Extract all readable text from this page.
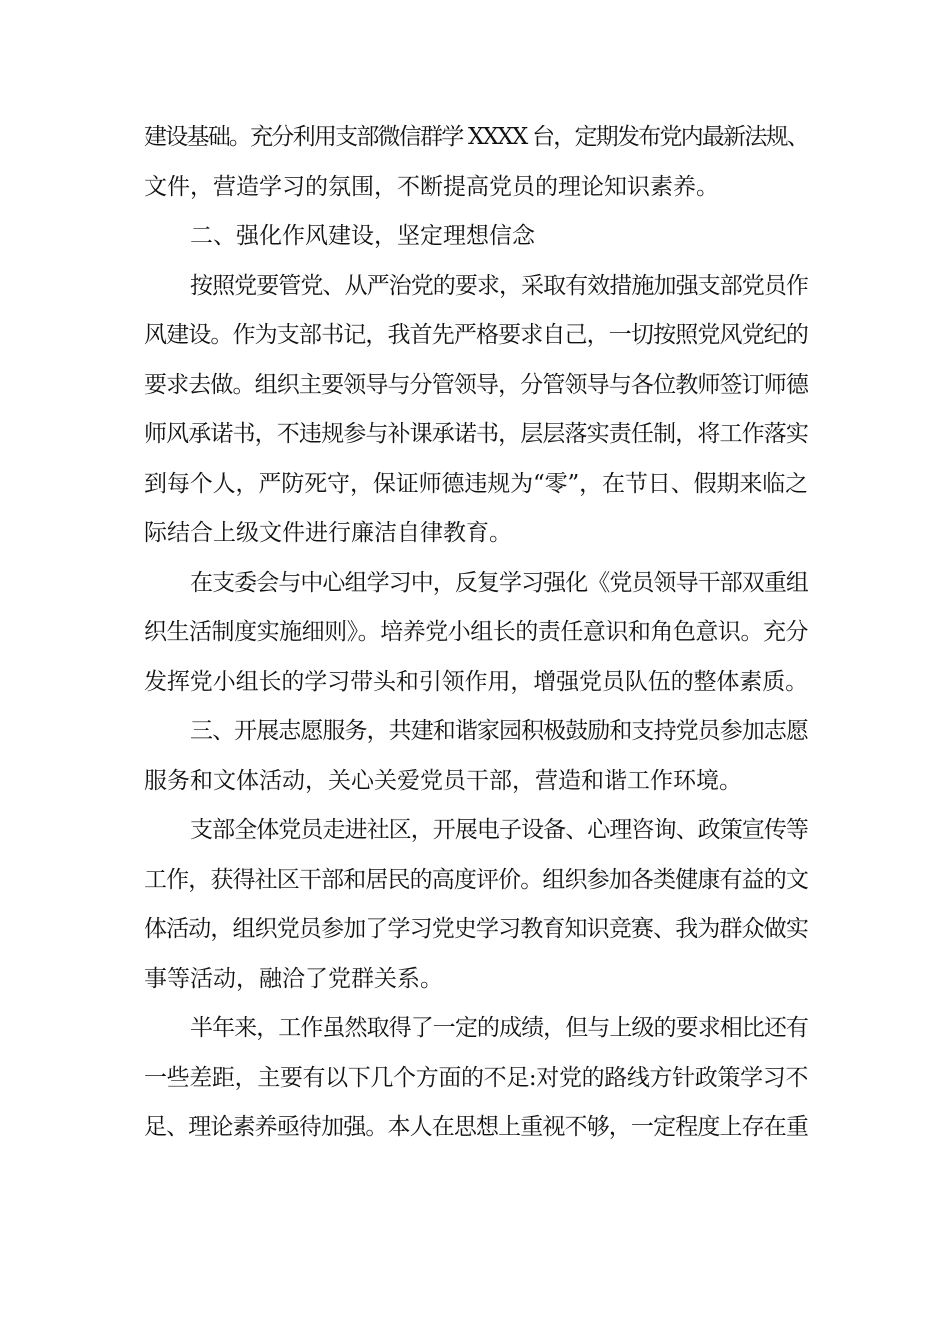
建设基础。充分利用支部微信群学 XXXX 台，定期发布党内最新法规、
文件，营造学习的氛围，不断提高党员的理论知识素养。
二、强化作风建设，坚定理想信念
按照党要管党、从严治党的要求，采取有效措施加强支部党员作
风建设。作为支部书记，我首先严格要求自己，一切按照党风党纪的
要求去做。组织主要领导与分管领导，分管领导与各位教师签订师德
师风承诺书，不违规参与补课承诺书，层层落实责任制，将工作落实
到每个人，严防死守，保证师德违规为“零”，在节日、假期来临之
际结合上级文件进行廉洁自律教育。
在支委会与中心组学习中，反复学习强化《党员领导干部双重组
织生活制度实施细则》。培养党小组长的责任意识和角色意识。充分
发挥党小组长的学习带头和引领作用，增强党员队伍的整体素质。
三、开展志愿服务，共建和谐家园积极鼓励和支持党员参加志愿
服务和文体活动，关心关爱党员干部，营造和谐工作环境。
支部全体党员走进社区，开展电子设备、心理咨询、政策宣传等
工作，获得社区干部和居民的高度评价。组织参加各类健康有益的文
体活动，组织党员参加了学习党史学习教育知识竞赛、我为群众做实
事等活动，融洽了党群关系。
半年来，工作虽然取得了一定的成绩，但与上级的要求相比还有
一些差距，主要有以下几个方面的不足:对党的路线方针政策学习不
足、理论素养亟待加强。本人在思想上重视不够，一定程度上存在重
